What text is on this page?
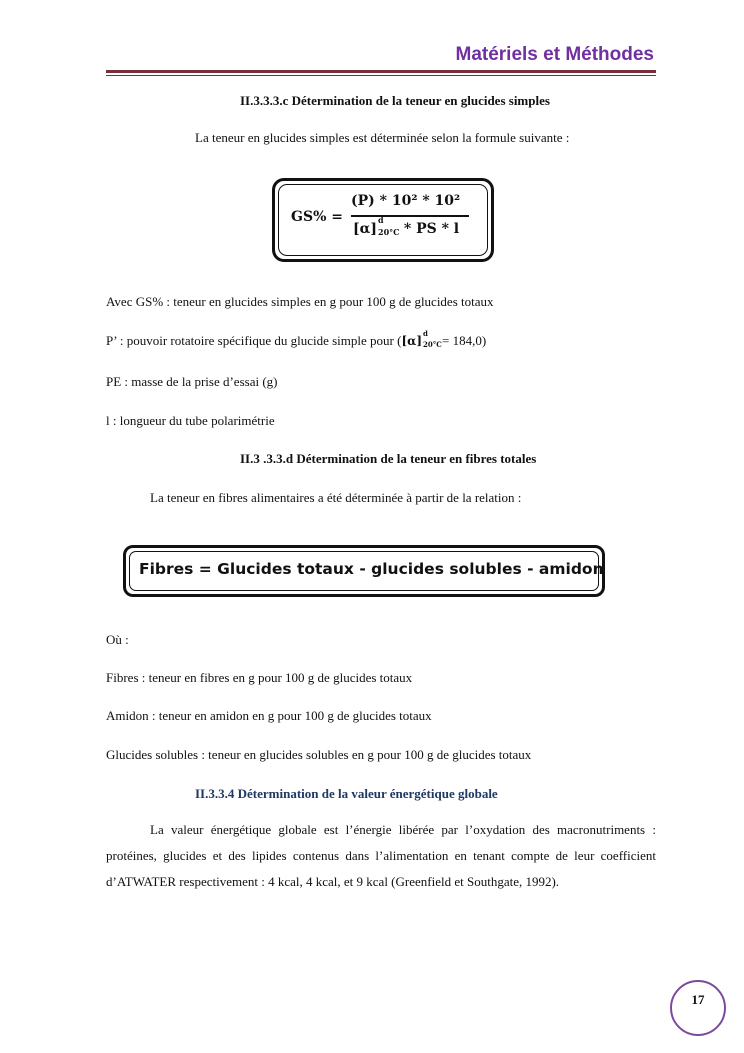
Matériels et Méthodes
II.3.3.3.c Détermination de la teneur en glucides simples
La teneur en glucides simples est déterminée selon la formule suivante :
GS% =
(P) * 10² * 10²
[α]
d
20°C * PS * l
Avec GS% : teneur en glucides simples en g pour 100 g de glucides totaux
P’ : pouvoir rotatoire spécifique du glucide simple pour ([α]
d
20°C = 184,0)
PE : masse de la prise d’essai (g)
l : longueur du tube polarimétrie
II.3 .3.3.d Détermination de la teneur en fibres totales
La teneur en fibres alimentaires a été déterminée à partir de la relation :
Fibres = Glucides totaux - glucides solubles - amidon
Où :
Fibres : teneur en fibres en g pour 100 g de glucides totaux
Amidon : teneur en amidon en g pour 100 g de glucides totaux
Glucides solubles : teneur en glucides solubles en g pour 100 g de glucides totaux
II.3.3.4 Détermination de la valeur énergétique globale
La valeur énergétique globale est l’énergie libérée par l’oxydation des macronutriments : protéines, glucides et des lipides contenus dans l’alimentation en tenant compte de leur coefficient d’ATWATER respectivement : 4 kcal, 4 kcal, et 9 kcal (Greenfield et Southgate, 1992).
17
